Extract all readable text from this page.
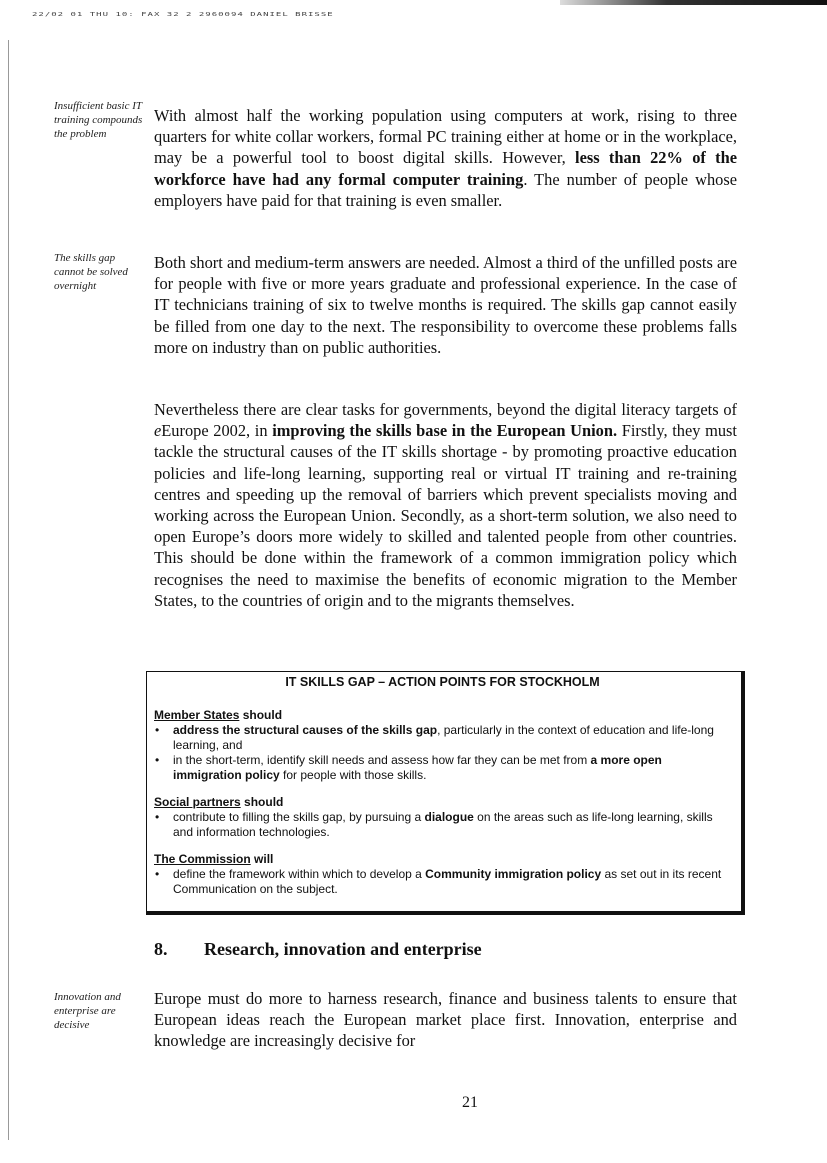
22/02 01 THU 10: FAX 32 2 2960094 DANIEL BRISSE
Insufficient basic IT training compounds the problem
The skills gap cannot be solved overnight
Innovation and enterprise are decisive

With almost half the working population using computers at work, rising to three quarters for white collar workers, formal PC training either at home or in the workplace, may be a powerful tool to boost digital skills. However, less than 22% of the workforce have had any formal computer training. The number of people whose employers have paid for that training is even smaller.

Both short and medium-term answers are needed. Almost a third of the unfilled posts are for people with five or more years graduate and professional experience. In the case of IT technicians training of six to twelve months is required. The skills gap cannot easily be filled from one day to the next. The responsibility to overcome these problems falls more on industry than on public authorities.

Nevertheless there are clear tasks for governments, beyond the digital literacy targets of eEurope 2002, in improving the skills base in the European Union. Firstly, they must tackle the structural causes of the IT skills shortage - by promoting proactive education policies and life-long learning, supporting real or virtual IT training and re-training centres and speeding up the removal of barriers which prevent specialists moving and working across the European Union. Secondly, as a short-term solution, we also need to open Europe’s doors more widely to skilled and talented people from other countries. This should be done within the framework of a common immigration policy which recognises the need to maximise the benefits of economic migration to the Member States, to the countries of origin and to the migrants themselves.

IT SKILLS GAP – ACTION POINTS FOR STOCKHOLM
Member States should
• address the structural causes of the skills gap, particularly in the context of education and life-long learning, and
• in the short-term, identify skill needs and assess how far they can be met from a more open immigration policy for people with those skills.
Social partners should
• contribute to filling the skills gap, by pursuing a dialogue on the areas such as life-long learning, skills and information technologies.
The Commission will
• define the framework within which to develop a Community immigration policy as set out in its recent Communication on the subject.
8. Research, innovation and enterprise

Europe must do more to harness research, finance and business talents to ensure that European ideas reach the European market place first. Innovation, enterprise and knowledge are increasingly decisive for

21
